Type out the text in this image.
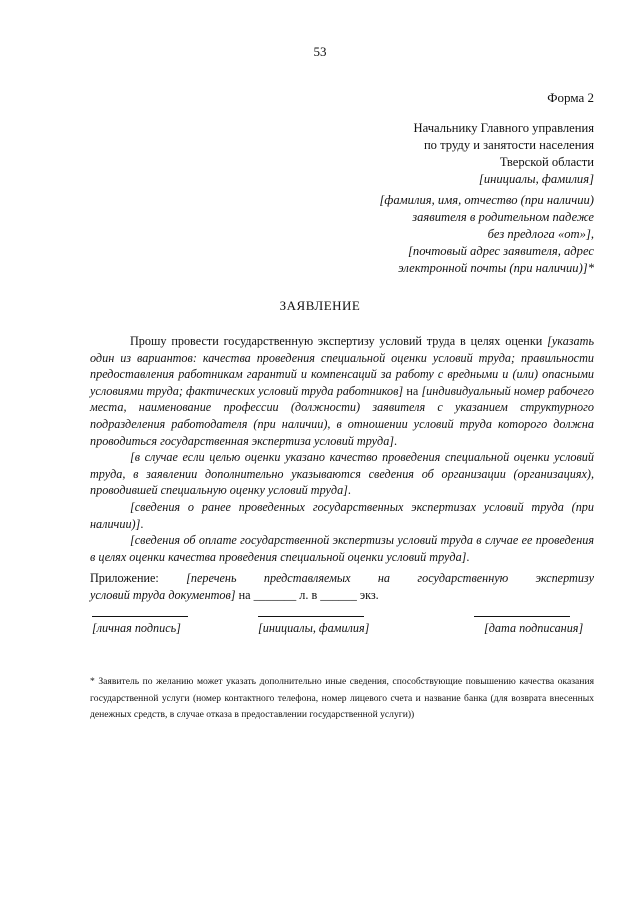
53
Форма 2
Начальнику Главного управления
по труду и занятости населения
Тверской области
[инициалы, фамилия]
[фамилия, имя, отчество (при наличии)
заявителя в родительном падеже
без предлога «от»],
[почтовый адрес заявителя, адрес
электронной почты (при наличии)]*
ЗАЯВЛЕНИЕ

Прошу провести государственную экспертизу условий труда в целях оценки [указать один из вариантов: качества проведения специальной оценки условий труда; правильности предоставления работникам гарантий и компенсаций за работу с вредными и (или) опасными условиями труда; фактических условий труда работников] на [индивидуальный номер рабочего места, наименование профессии (должности) заявителя с указанием структурного подразделения работодателя (при наличии), в отношении условий труда которого должна проводиться государственная экспертиза условий труда].

[в случае если целью оценки указано качество проведения специальной оценки условий труда, в заявлении дополнительно указываются сведения об организации (организациях), проводившей специальную оценку условий труда].

[сведения о ранее проведенных государственных экспертизах условий труда (при наличии)].

[сведения об оплате государственной экспертизы условий труда в случае ее проведения в целях оценки качества проведения специальной оценки условий труда].

Приложение: [перечень представляемых на государственную экспертизу
условий труда документов] на _______ л. в ______ экз.
[личная подпись]	[инициалы, фамилия]	[дата подписания]
* Заявитель по желанию может указать дополнительно иные сведения, способствующие повышению качества оказания государственной услуги (номер контактного телефона, номер лицевого счета и название банка (для возврата внесенных денежных средств, в случае отказа в предоставлении государственной услуги))
